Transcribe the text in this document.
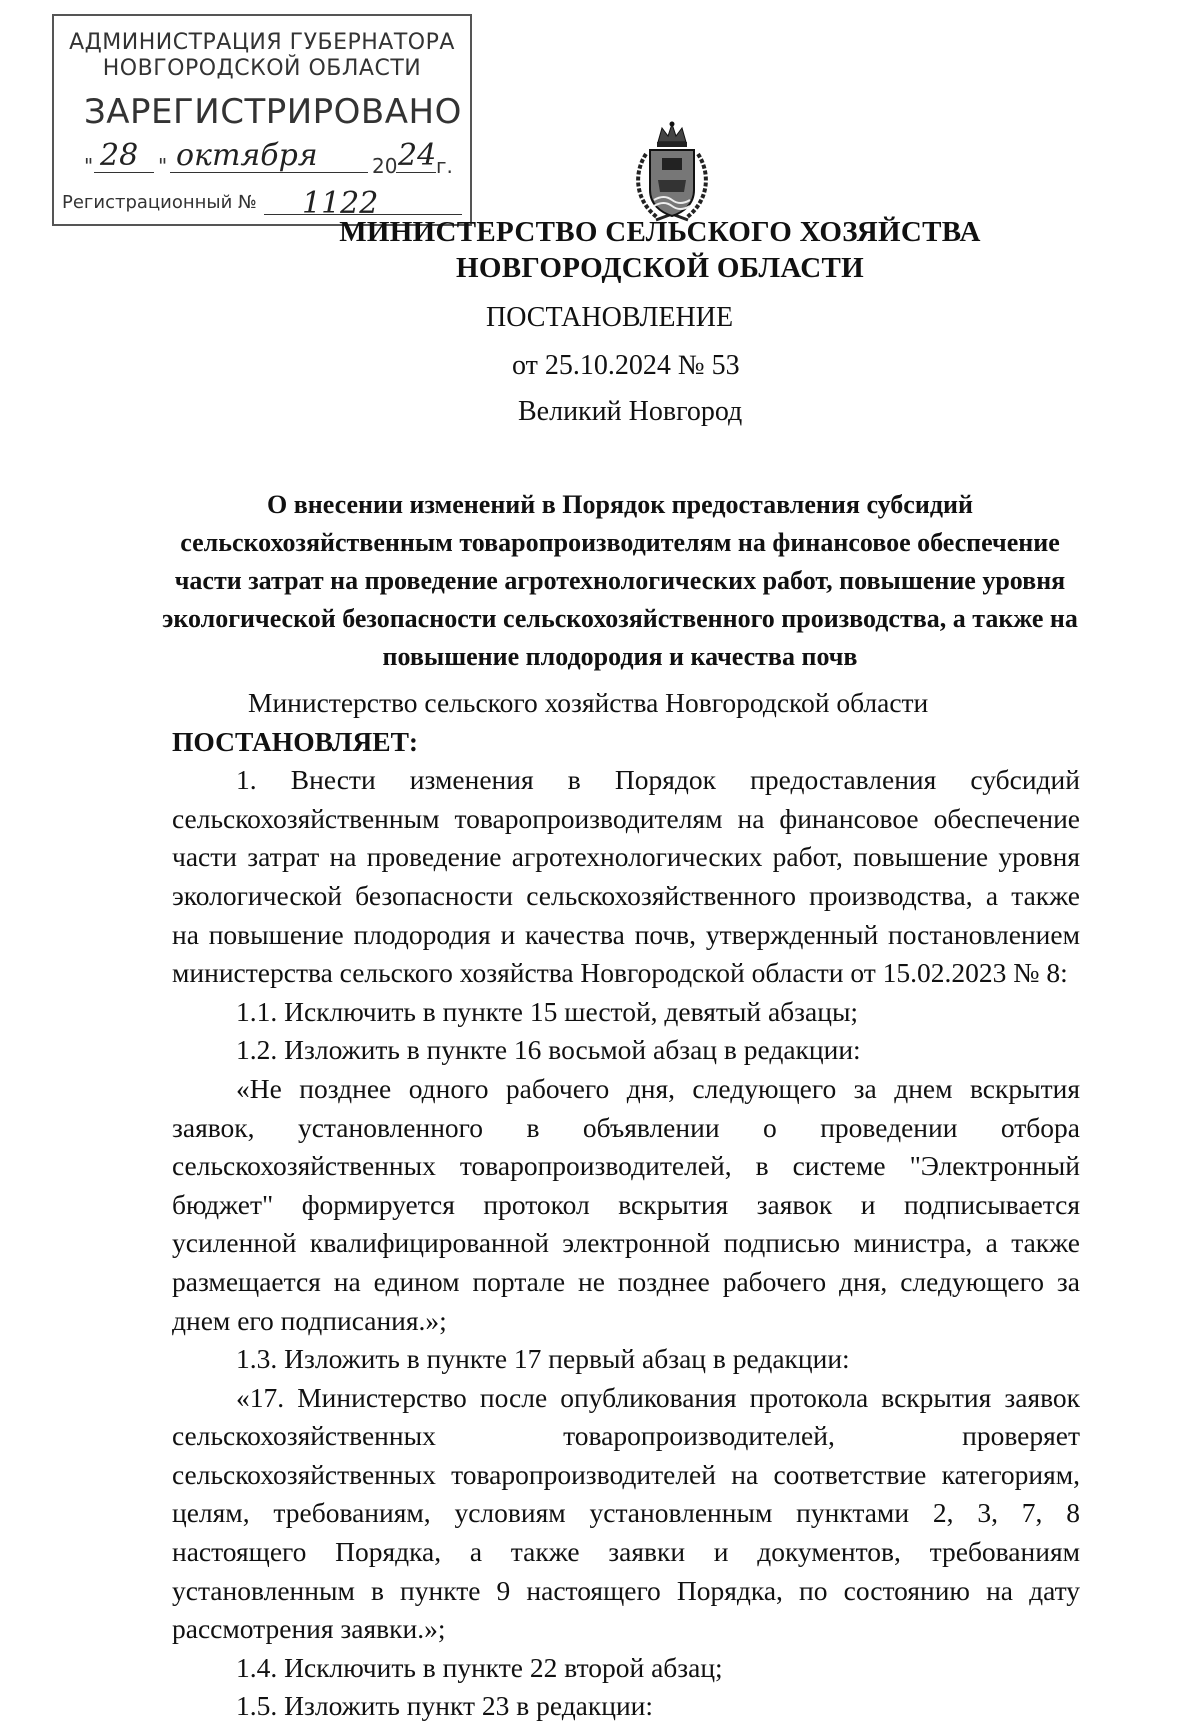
АДМИНИСТРАЦИЯ ГУБЕРНАТОРА
НОВГОРОДСКОЙ ОБЛАСТИ
ЗАРЕГИСТРИРОВАНО
" 28 " октября	20 24 г.
Регистрационный № 1122
МИНИСТЕРСТВО СЕЛЬСКОГО ХОЗЯЙСТВА
НОВГОРОДСКОЙ ОБЛАСТИ
ПОСТАНОВЛЕНИЕ
от 25.10.2024 № 53
Великий Новгород
О внесении изменений в Порядок предоставления субсидий
сельскохозяйственным товаропроизводителям на финансовое обеспечение
части затрат на проведение агротехнологических работ, повышение уровня
экологической безопасности сельскохозяйственного производства, а также на
повышение плодородия и качества почв

Министерство сельского хозяйства Новгородской области ПОСТАНОВЛЯЕТ:

1. Внести изменения в Порядок предоставления субсидий сельскохозяйственным товаропроизводителям на финансовое обеспечение части затрат на проведение агротехнологических работ, повышение уровня экологической безопасности сельскохозяйственного производства, а также на повышение плодородия и качества почв, утвержденный постановлением министерства сельского хозяйства Новгородской области от 15.02.2023 № 8:

1.1. Исключить в пункте 15 шестой, девятый абзацы;

1.2. Изложить в пункте 16 восьмой абзац в редакции:

«Не позднее одного рабочего дня, следующего за днем вскрытия заявок, установленного в объявлении о проведении отбора сельскохозяйственных товаропроизводителей, в системе "Электронный бюджет" формируется протокол вскрытия заявок и подписывается усиленной квалифицированной электронной подписью министра, а также размещается на едином портале не позднее рабочего дня, следующего за днем его подписания.»;

1.3. Изложить в пункте 17 первый абзац в редакции:

«17. Министерство после опубликования протокола вскрытия заявок сельскохозяйственных товаропроизводителей, проверяет сельскохозяйственных товаропроизводителей на соответствие категориям, целям, требованиям, условиям установленным пунктами 2, 3, 7, 8 настоящего Порядка, а также заявки и документов, требованиям установленным в пункте 9 настоящего Порядка, по состоянию на дату рассмотрения заявки.»;

1.4. Исключить в пункте 22 второй абзац;

1.5. Изложить пункт 23 в редакции:
